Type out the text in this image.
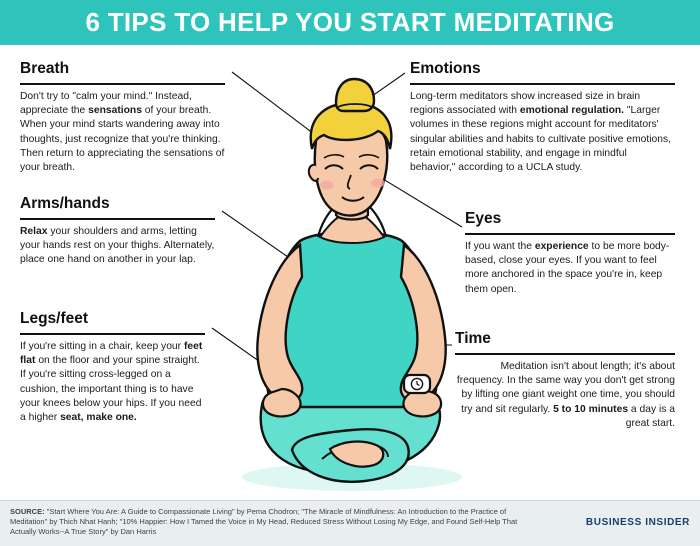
6 TIPS TO HELP YOU START MEDITATING
Breath
Don't try to "calm your mind." Instead, appreciate the sensations of your breath. When your mind starts wandering away into thoughts, just recognize that you're thinking. Then return to appreciating the sensations of your breath.
Arms/hands
Relax your shoulders and arms, letting your hands rest on your thighs. Alternately, place one hand on another in your lap.
Legs/feet
If you're sitting in a chair, keep your feet flat on the floor and your spine straight. If you're sitting cross-legged on a cushion, the important thing is to have your knees below your hips. If you need a higher seat, make one.
Emotions
Long-term meditators show increased size in brain regions associated with emotional regulation. "Larger volumes in these regions might account for meditators' singular abilities and habits to cultivate positive emotions, retain emotional stability, and engage in mindful behavior," according to a UCLA study.
Eyes
If you want the experience to be more body-based, close your eyes. If you want to feel more anchored in the space you're in, keep them open.
Time
Meditation isn't about length; it's about frequency. In the same way you don't get strong by lifting one giant weight one time, you should try and sit regularly. 5 to 10 minutes a day is a great start.
SOURCE: "Start Where You Are: A Guide to Compassionate Living" by Pema Chodron; "The Miracle of Mindfulness: An Introduction to the Practice of Meditation" by Thich Nhat Hanh; "10% Happier: How I Tamed the Voice in My Head, Reduced Stress Without Losing My Edge, and Found Self-Help That Actually Works--A True Story" by Dan Harris
BUSINESS INSIDER
